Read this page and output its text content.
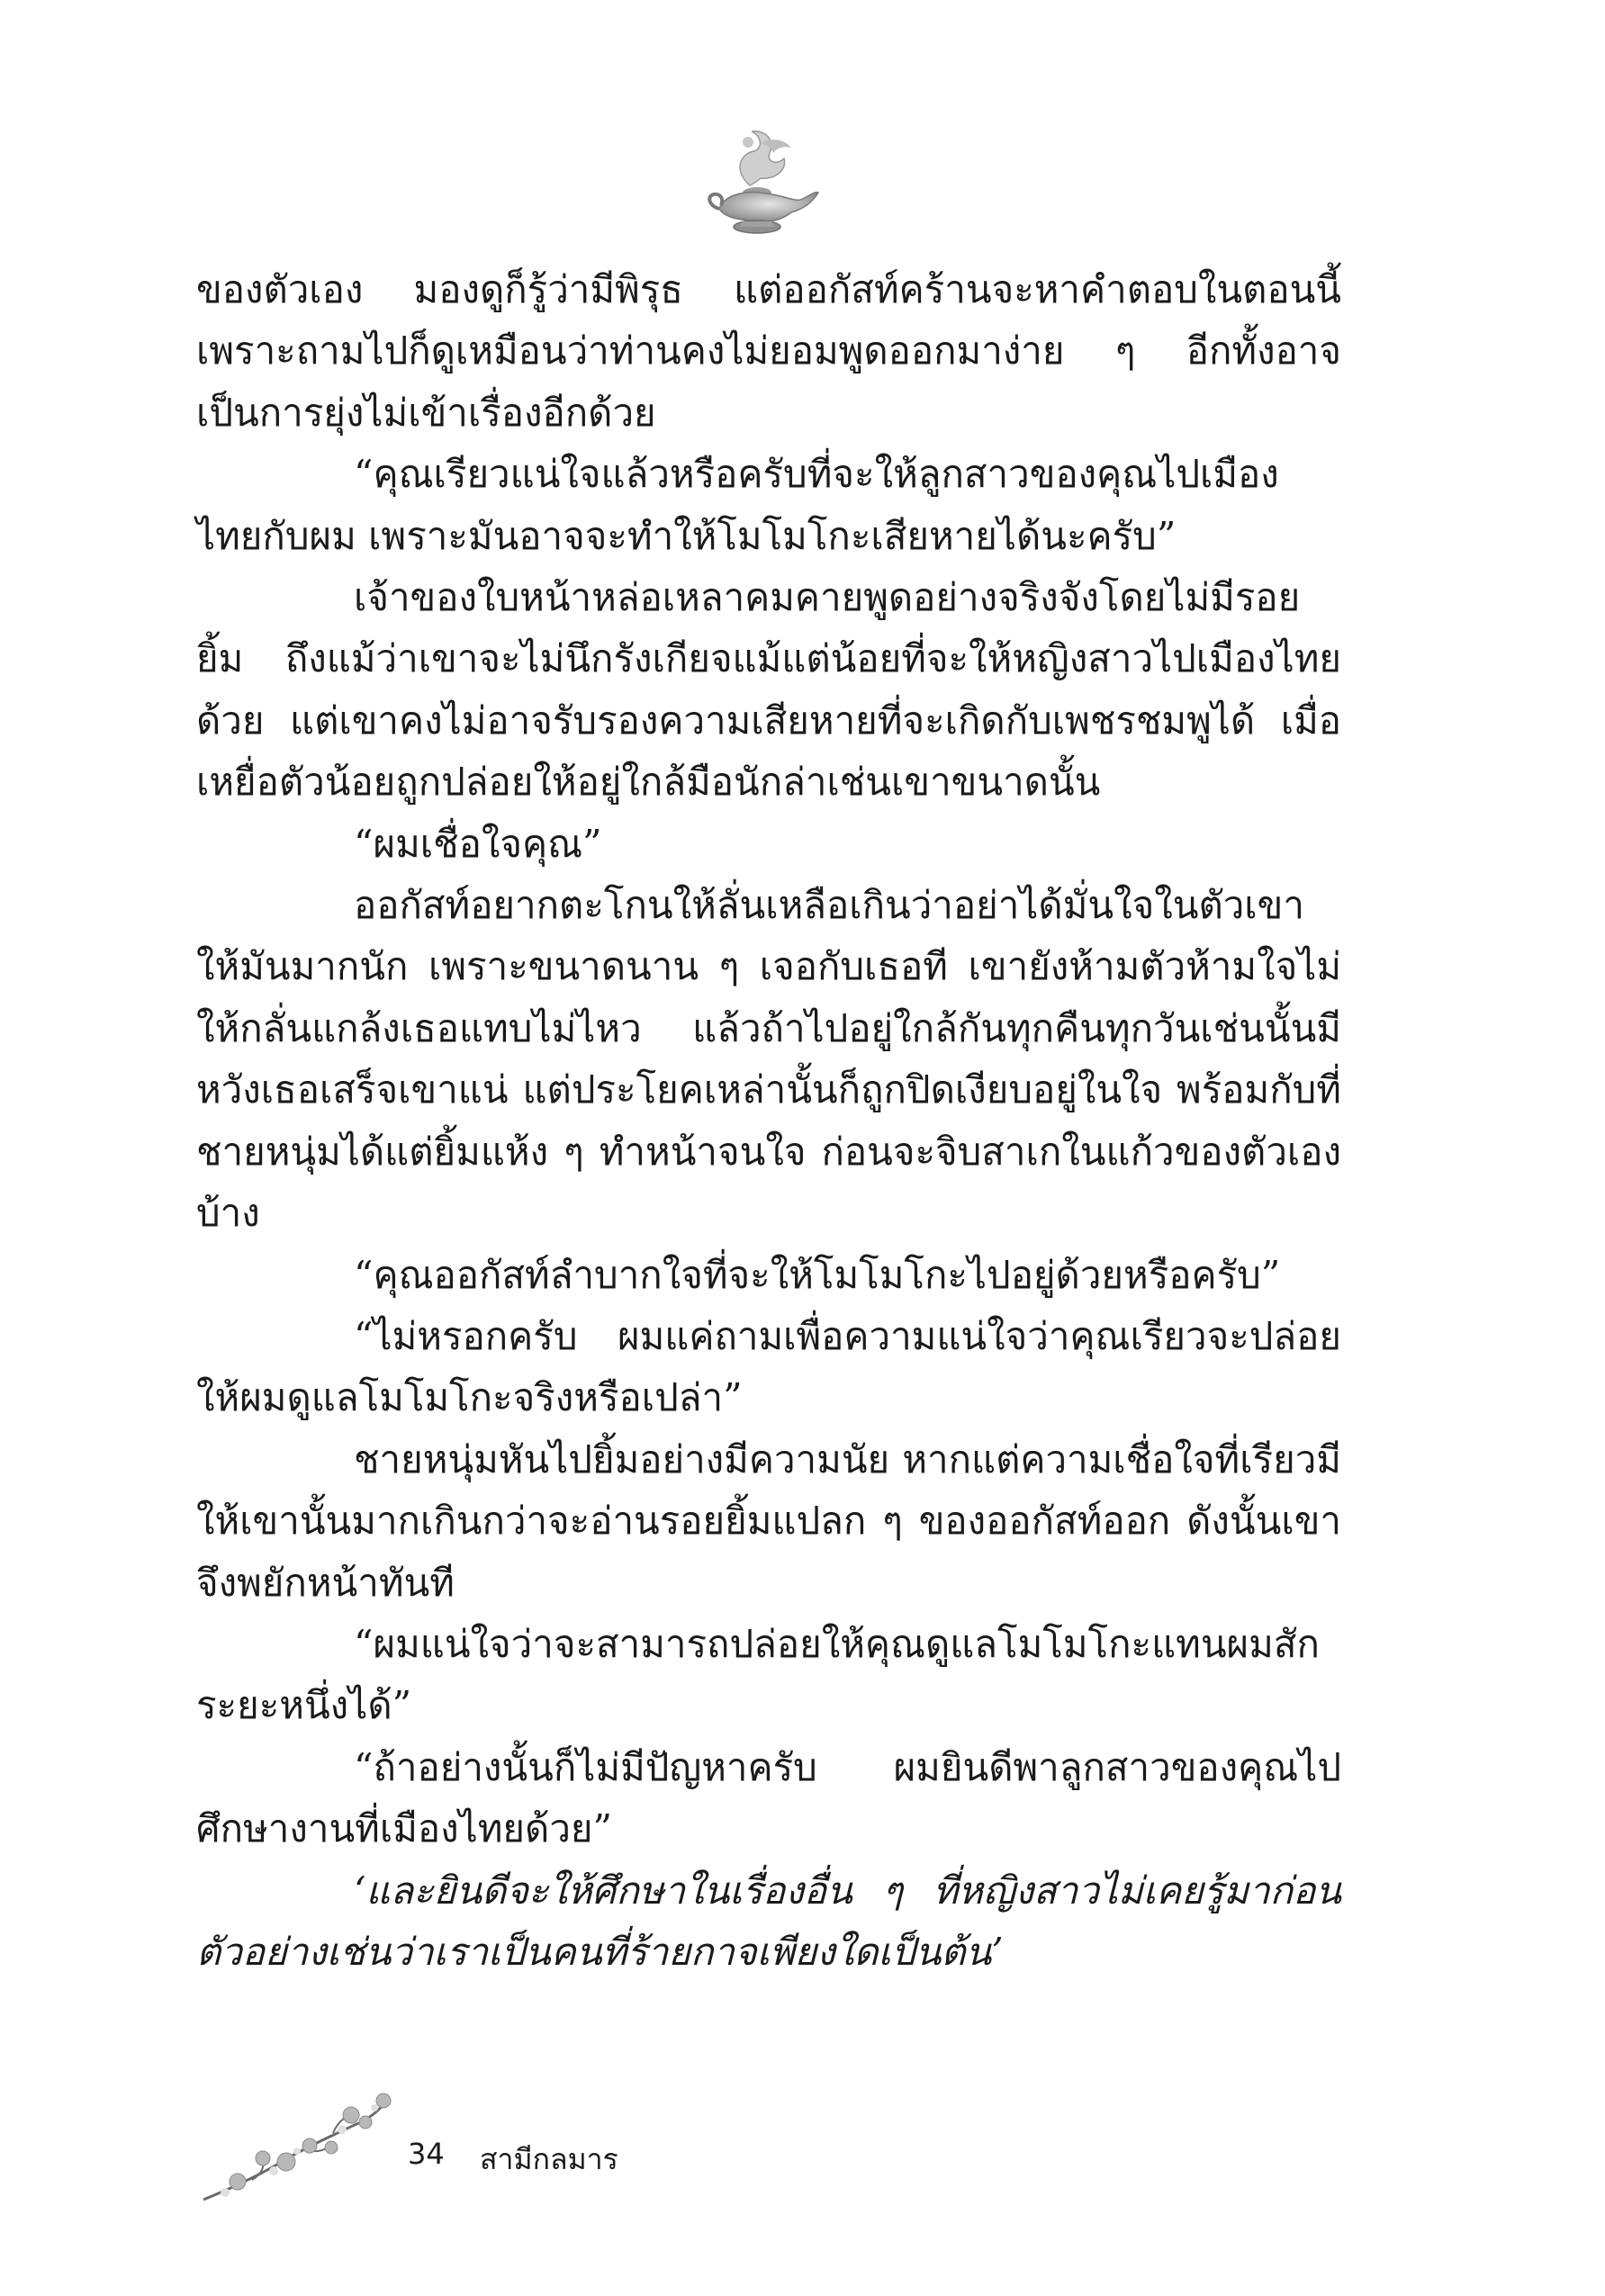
ของตัวเอง มองดูก็รู้ว่ามีพิรุธ แต่ออกัสท์คร้านจะหาคำตอบในตอนนี้ เพราะถามไปก็ดูเหมือนว่าท่านคงไม่ยอมพูดออกมาง่าย ๆ อีกทั้งอาจเป็นการยุ่งไม่เข้าเรื่องอีกด้วย

“คุณเรียวแน่ใจแล้วหรือครับที่จะให้ลูกสาวของคุณไปเมืองไทยกับผม เพราะมันอาจจะทำให้โมโมโกะเสียหายได้นะครับ”

เจ้าของใบหน้าหล่อเหลาคมคายพูดอย่างจริงจังโดยไม่มีรอยยิ้ม ถึงแม้ว่าเขาจะไม่นึกรังเกียจแม้แต่น้อยที่จะให้หญิงสาวไปเมืองไทยด้วย แต่เขาคงไม่อาจรับรองความเสียหายที่จะเกิดกับเพชรชมพูได้ เมื่อเหยื่อตัวน้อยถูกปล่อยให้อยู่ใกล้มือนักล่าเช่นเขาขนาดนั้น

“ผมเชื่อใจคุณ”

ออกัสท์อยากตะโกนให้ลั่นเหลือเกินว่าอย่าได้มั่นใจในตัวเขาให้มันมากนัก เพราะขนาดนาน ๆ เจอกับเธอที เขายังห้ามตัวห้ามใจไม่ให้กลั่นแกล้งเธอแทบไม่ไหว แล้วถ้าไปอยู่ใกล้กันทุกคืนทุกวันเช่นนั้นมีหวังเธอเสร็จเขาแน่ แต่ประโยคเหล่านั้นก็ถูกปิดเงียบอยู่ในใจ พร้อมกับที่ชายหนุ่มได้แต่ยิ้มแห้ง ๆ ทำหน้าจนใจ ก่อนจะจิบสาเกในแก้วของตัวเองบ้าง

“คุณออกัสท์ลำบากใจที่จะให้โมโมโกะไปอยู่ด้วยหรือครับ”

“ไม่หรอกครับ ผมแค่ถามเพื่อความแน่ใจว่าคุณเรียวจะปล่อยให้ผมดูแลโมโมโกะจริงหรือเปล่า”

ชายหนุ่มหันไปยิ้มอย่างมีความนัย หากแต่ความเชื่อใจที่เรียวมีให้เขานั้นมากเกินกว่าจะอ่านรอยยิ้มแปลก ๆ ของออกัสท์ออก ดังนั้นเขาจึงพยักหน้าทันที

“ผมแน่ใจว่าจะสามารถปล่อยให้คุณดูแลโมโมโกะแทนผมสักระยะหนึ่งได้”

“ถ้าอย่างนั้นก็ไม่มีปัญหาครับ ผมยินดีพาลูกสาวของคุณไปศึกษางานที่เมืองไทยด้วย”

‘และยินดีจะให้ศึกษาในเรื่องอื่น ๆ ที่หญิงสาวไม่เคยรู้มาก่อน ตัวอย่างเช่นว่าเราเป็นคนที่ร้ายกาจเพียงใดเป็นต้น’

34 สามีกลมาร
